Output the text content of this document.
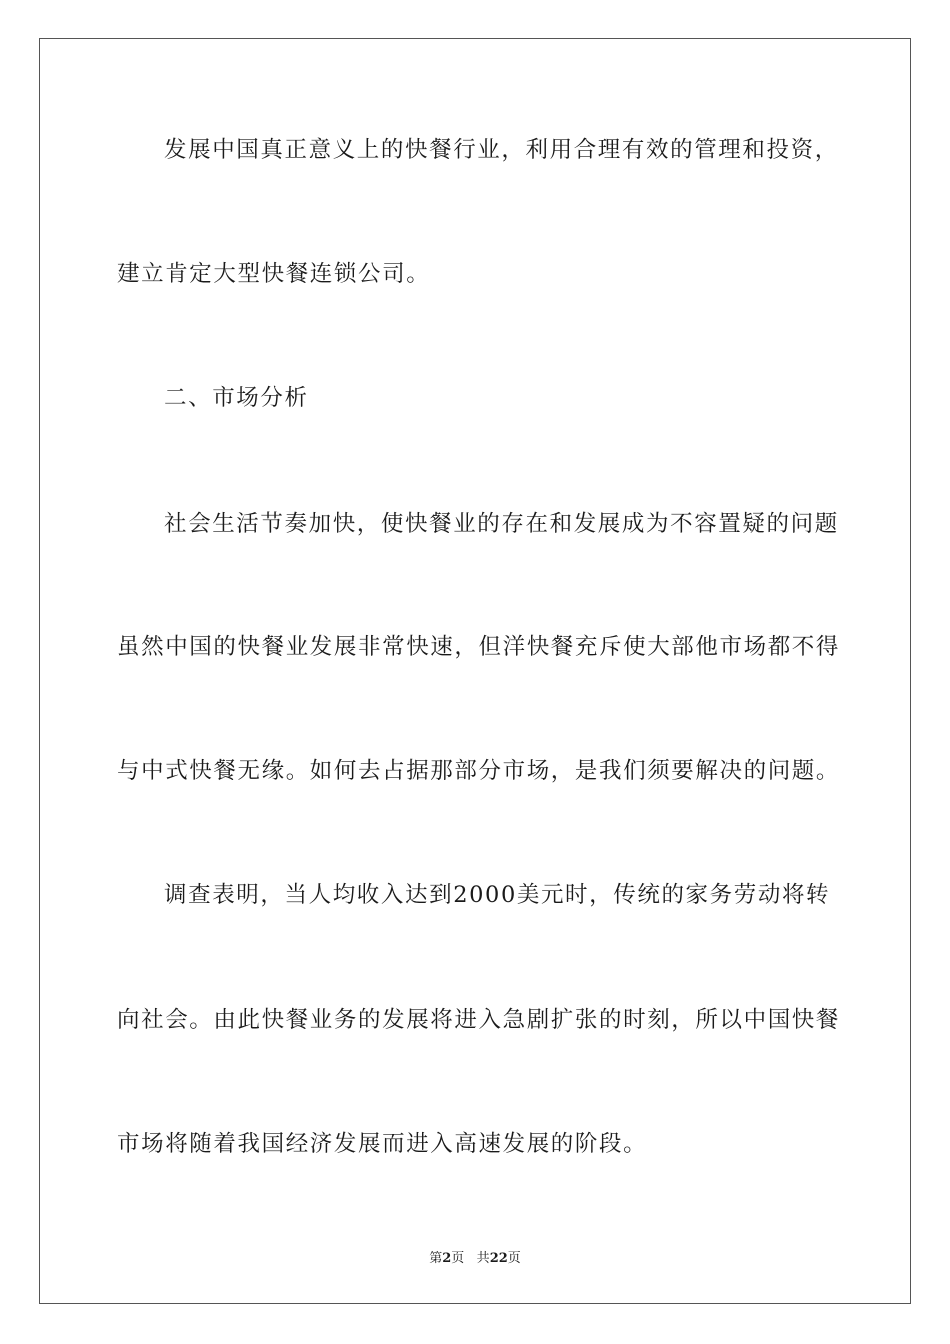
发展中国真正意义上的快餐行业，利用合理有效的管理和投资，
建立肯定大型快餐连锁公司。
二、市场分析
社会生活节奏加快，使快餐业的存在和发展成为不容置疑的问题
虽然中国的快餐业发展非常快速，但洋快餐充斥使大部他市场都不得
与中式快餐无缘。如何去占据那部分市场，是我们须要解决的问题。
调查表明，当人均收入达到2000美元时，传统的家务劳动将转
向社会。由此快餐业务的发展将进入急剧扩张的时刻，所以中国快餐
市场将随着我国经济发展而进入高速发展的阶段。
第2页 共22页
